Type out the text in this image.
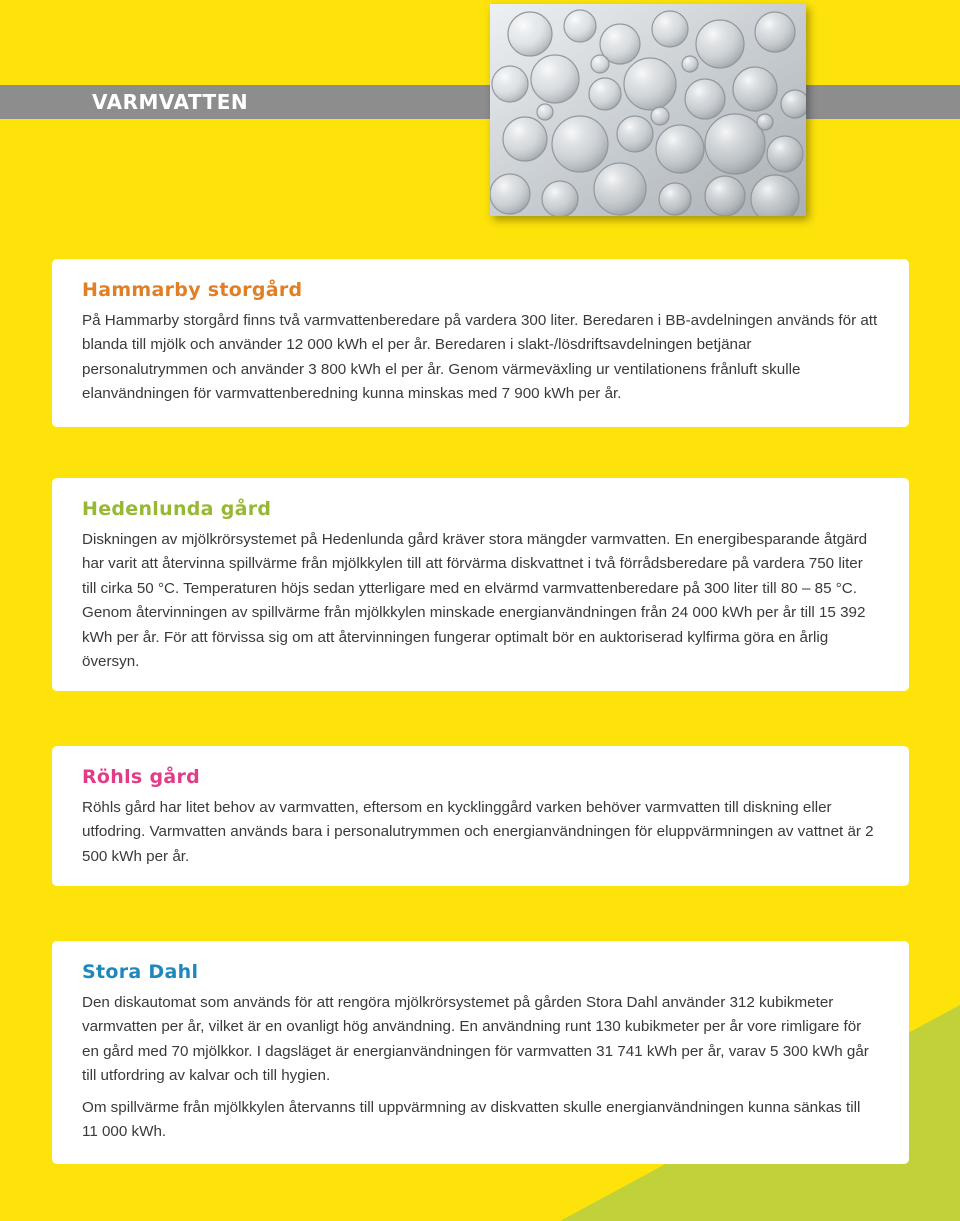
VARMVATTEN
Hammarby storgård

På Hammarby storgård finns två varmvattenberedare på vardera 300 liter. Beredaren i BB-avdelningen används för att blanda till mjölk och använder 12 000 kWh el per år. Beredaren i slakt-/lösdriftsavdelningen betjänar personalutrymmen och använder 3 800 kWh el per år. Genom värmeväxling ur ventilationens frånluft skulle elanvändningen för varmvattenberedning kunna minskas med 7 900 kWh per år.

Hedenlunda gård

Diskningen av mjölkrörsystemet på Hedenlunda gård kräver stora mängder varmvatten. En energibesparande åtgärd har varit att återvinna spillvärme från mjölkkylen till att förvärma diskvattnet i två förrådsberedare på vardera 750 liter till cirka 50 °C. Temperaturen höjs sedan ytterligare med en elvärmd varmvattenberedare på 300 liter till 80 – 85 °C. Genom återvinningen av spillvärme från mjölkkylen minskade energianvändningen från 24 000 kWh per år till 15 392 kWh per år. För att förvissa sig om att återvinningen fungerar optimalt bör en auktoriserad kylfirma göra en årlig översyn.

Röhls gård

Röhls gård har litet behov av varmvatten, eftersom en kycklinggård varken behöver varmvatten till diskning eller utfodring. Varmvatten används bara i personalutrymmen och energianvändningen för eluppvärmningen av vattnet är 2 500 kWh per år.

Stora Dahl

Den diskautomat som används för att rengöra mjölkrörsystemet på gården Stora Dahl använder 312 kubikmeter varmvatten per år, vilket är en ovanligt hög användning. En användning runt 130 kubikmeter per år vore rimligare för en gård med 70 mjölkkor. I dagsläget är energianvändningen för varmvatten 31 741 kWh per år, varav 5 300 kWh går till utfordring av kalvar och till hygien.

Om spillvärme från mjölkkylen återvanns till uppvärmning av diskvatten skulle energianvändningen kunna sänkas till 11 000 kWh.
